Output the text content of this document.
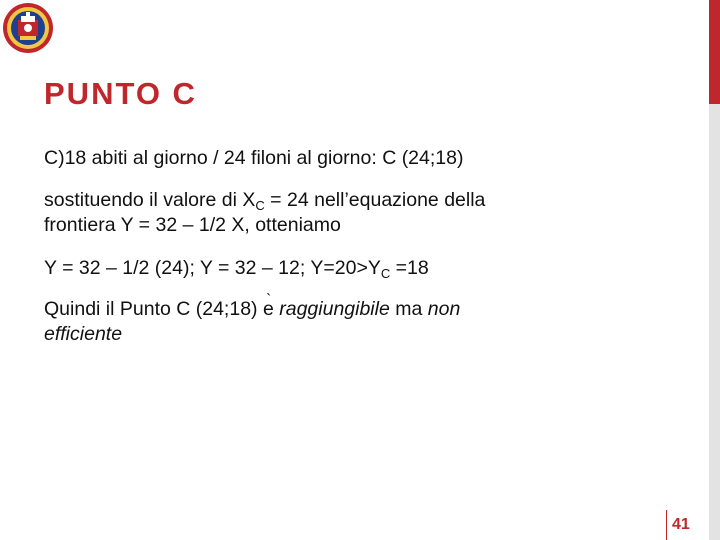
PUNTO C

C)18 abiti al giorno / 24 filoni al giorno: C (24;18)

sostituendo il valore di $X_C = 24$ nell’equazione della
frontiera Y = 32 – 1/2 X, otteniamo

Y = 32 – 1/2 (24); Y = 32 – 12; $Y=20>Y_C =18$

Quindi il Punto C (24;18) ` e raggiungibile ma non
efficiente

41
